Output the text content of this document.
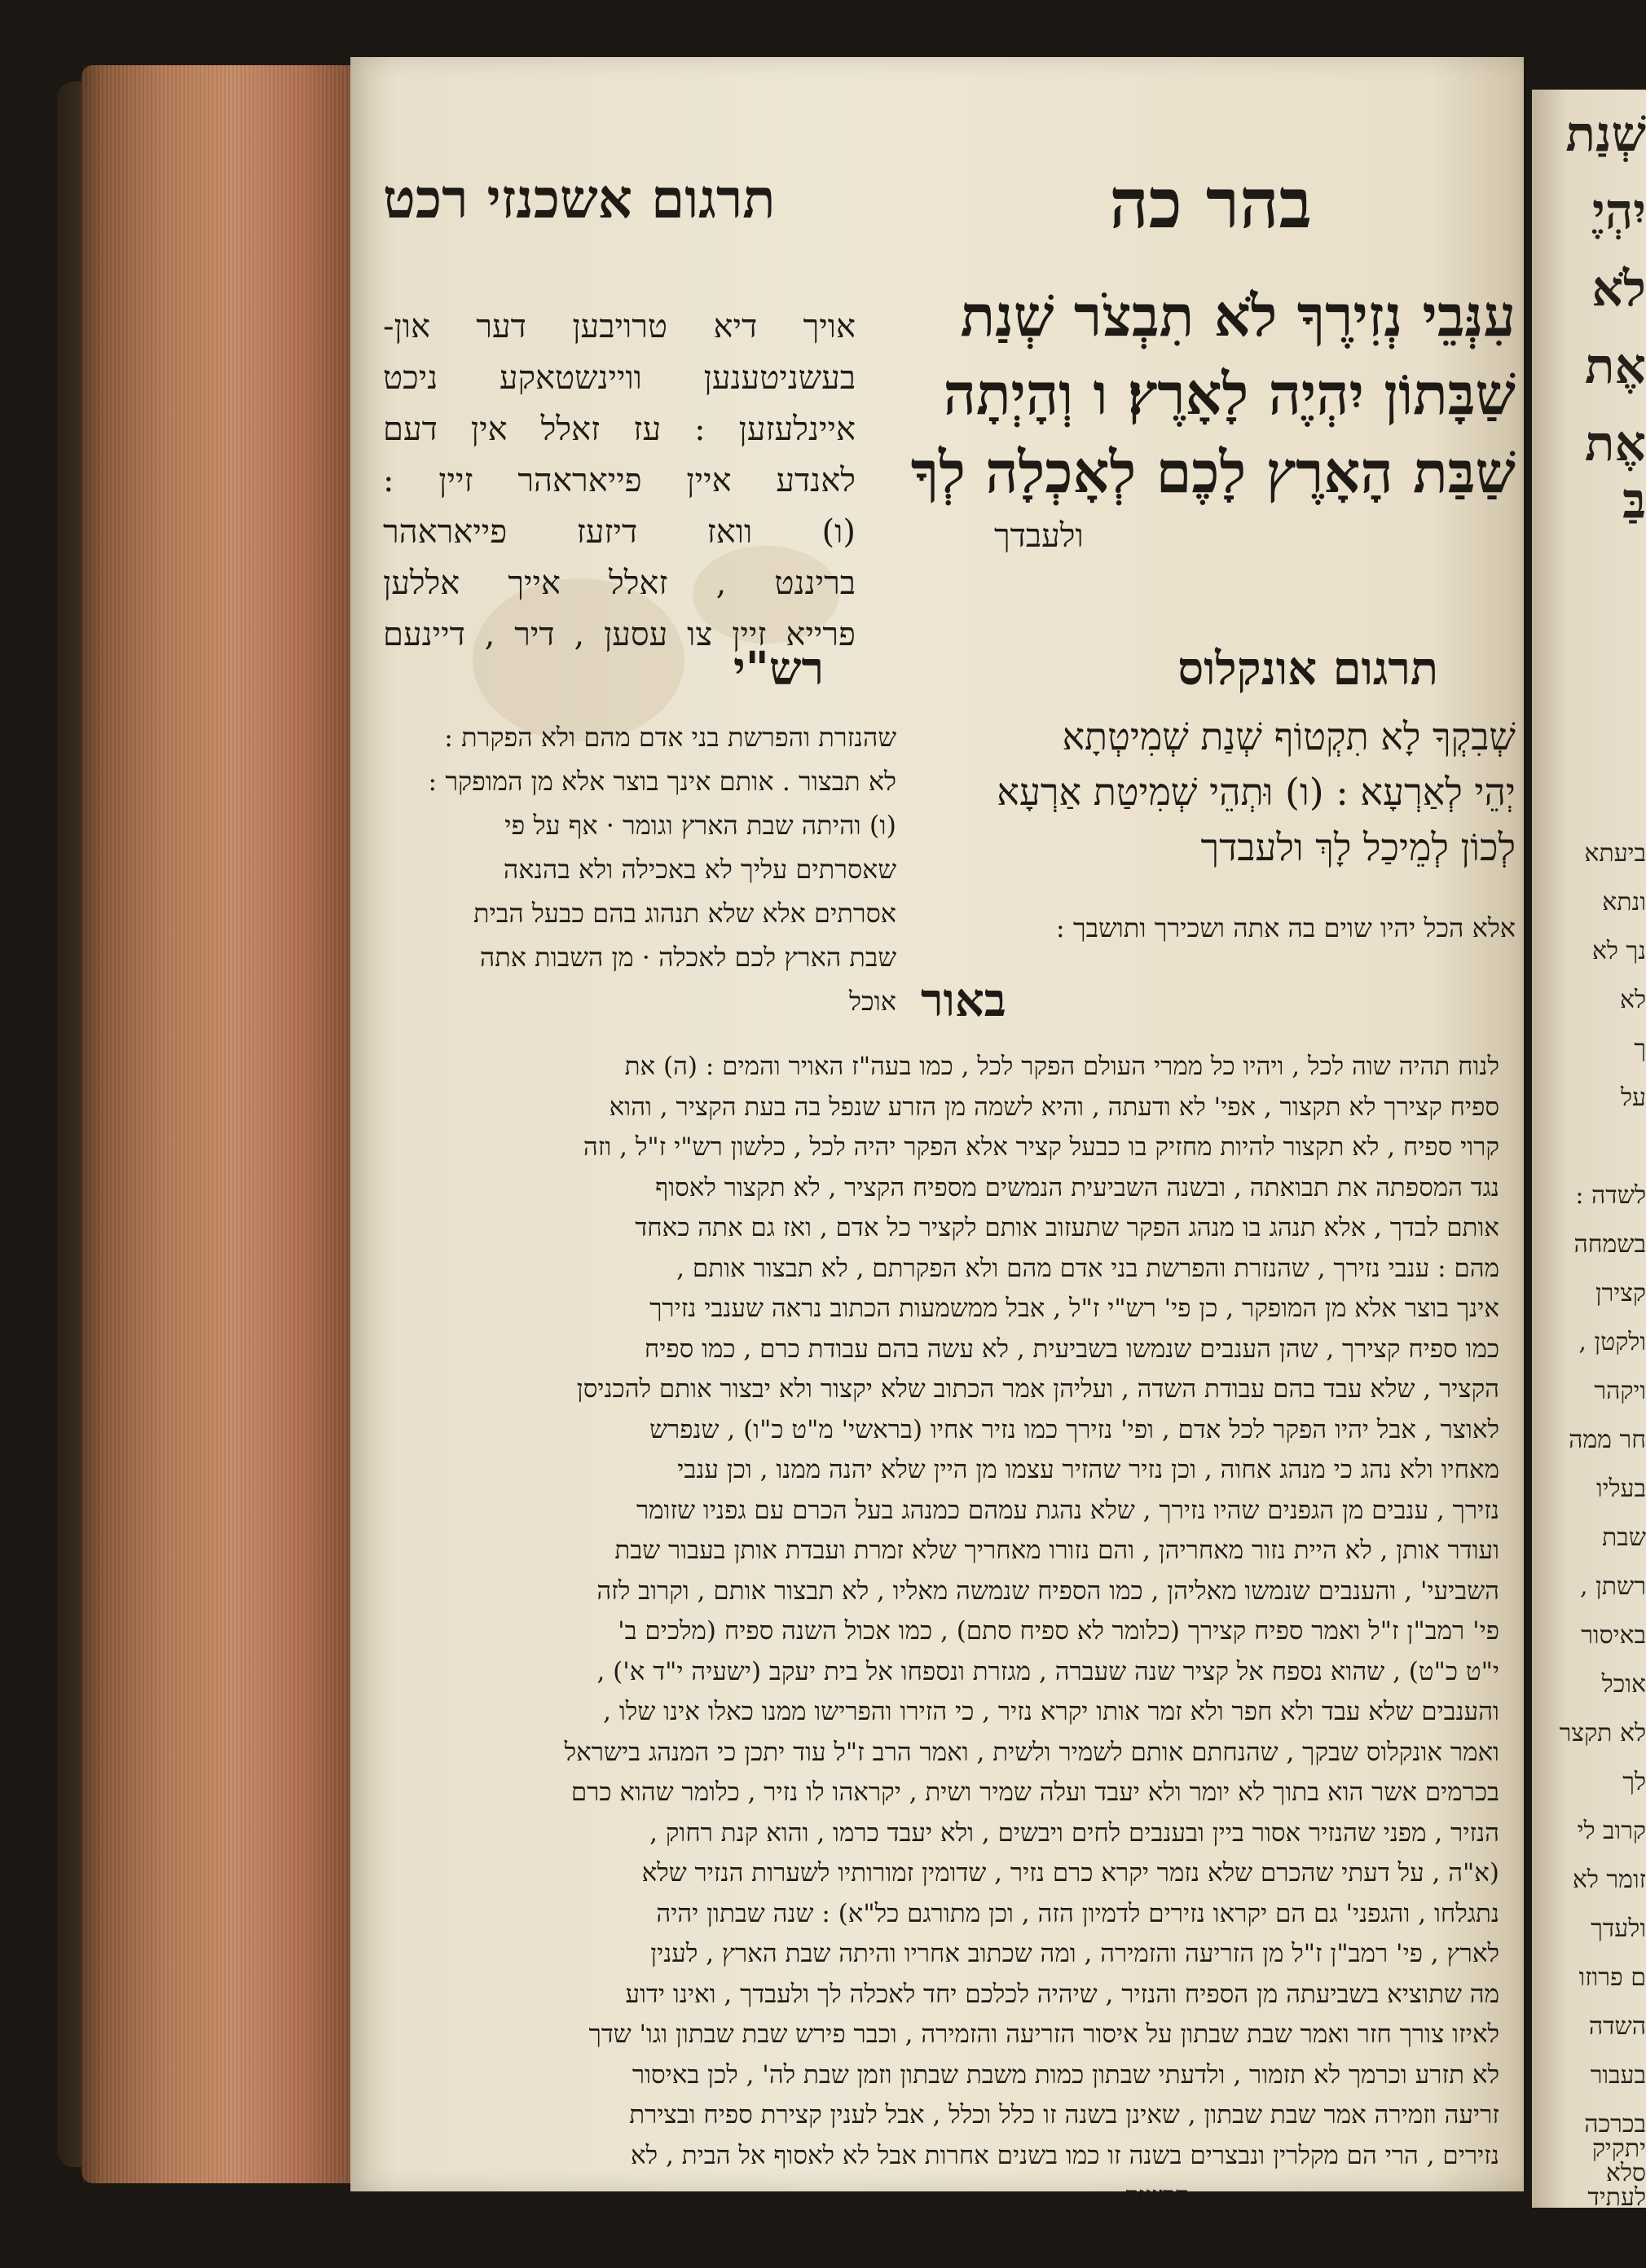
בהר כה
תרגום אשכנזי רכט
עִנְּבֵי נְזִירֶךָ לֹא תִבְצֹר שְׁנַת
שַׁבָּתוֹן יִהְיֶה לָאָרֶץ׃ ו וְהָיְתָה
שַׁבַּת הָאָרֶץ לָכֶם לְאָכְלָה לְךָ
ולעבדך
אויך דיא טרויבען דער און-
בעשניטענען וויינשטאקע ניכט
איינלעזען : עז זאלל אין דעם
לאנדע איין פייאראהר זיין :
(ו) וואז דיזעז פייאראהר
בריננט , זאלל אייך אללען
פרייא זיין צו עסען , דיר , דיינעם
תרגום אונקלוס
רש"י
שְׁבִקְךָ לָא תִקְטוֹף שְׁנַת שְׁמִיטְתָא
יְהֵי לְאַרְעָא : (ו) וּתְהֵי שְׁמִיטַת אַרְעָא
לְכוֹן לְמֵיכַל לָךְ ולעבדך
אלא הכל יהיו שוים בה אתה ושכירך ותושבך :
שהנזרת והפרשת בני אדם מהם ולא הפקרת :
לא תבצור . אותם אינך בוצר אלא מן המופקר :
(ו) והיתה שבת הארץ וגומר · אף על פי
שאסרתים עליך לא באכילה ולא בהנאה
אסרתים אלא שלא תנהוג בהם כבעל הבית
שבת הארץ לכם לאכלה · מן השבות אתה
אוכל באור
לנוח תהיה שוה לכל , ויהיו כל ממרי העולם הפקר לכל , כמו בעה"ז האויר והמים : (ה) את
ספיח קצירך לא תקצור , אפי' לא ודעתה , והיא לשמה מן הזרע שנפל בה בעת הקציר , והוא
קרוי ספיח , לא תקצור להיות מחזיק בו כבעל קציר אלא הפקר יהיה לכל , כלשון רש"י ז"ל , וזה
נגד המספתה את תבואתה , ובשנה השביעית הנמשים מספיח הקציר , לא תקצור לאסוף
אותם לבדך , אלא תנהג בו מנהג הפקר שתעזוב אותם לקציר כל אדם , ואז גם אתה כאחד
מהם : ענבי נזירך , שהנזרת והפרשת בני אדם מהם ולא הפקרתם , לא תבצור אותם ,
אינך בוצר אלא מן המופקר , כן פי' רש"י ז"ל , אבל ממשמעות הכתוב נראה שענבי נזירך
כמו ספיח קצירך , שהן הענבים שנמשו בשביעית , לא עשה בהם עבודת כרם , כמו ספיח
הקציר , שלא עבד בהם עבודת השדה , ועליהן אמר הכתוב שלא יקצור ולא יבצור אותם להכניסן
לאוצר , אבל יהיו הפקר לכל אדם , ופי' נזירך כמו נזיר אחיו (בראשי' מ"ט כ"ו) , שנפרש
מאחיו ולא נהג כי מנהג אחוה , וכן נזיר שהזיר עצמו מן היין שלא יהנה ממנו , וכן ענבי
נזירך , ענבים מן הגפנים שהיו נזירך , שלא נהגת עמהם כמנהג בעל הכרם עם גפניו שזומר
ועודר אותן , לא היית נזור מאחריהן , והם נזורו מאחריך שלא זמרת ועבדת אותן בעבור שבת
השביעי' , והענבים שנמשו מאליהן , כמו הספיח שנמשה מאליו , לא תבצור אותם , וקרוב לזה
פי' רמב"ן ז"ל ואמר ספיח קצירך (כלומר לא ספיח סתם) , כמו אכול השנה ספיח (מלכים ב'
י"ט כ"ט) , שהוא נספח אל קציר שנה שעברה , מגזרת ונספחו אל בית יעקב (ישעיה י"ד א') ,
והענבים שלא עבד ולא חפר ולא זמר אותו יקרא נזיר , כי הזירו והפרישו ממנו כאלו אינו שלו ,
ואמר אונקלוס שבקך , שהנחתם אותם לשמיר ולשית , ואמר הרב ז"ל עוד יתכן כי המנהג בישראל
בכרמים אשר הוא בתוך לא יומר ולא יעבד ועלה שמיר ושית , יקראהו לו נזיר , כלומר שהוא כרם
הנזיר , מפני שהנזיר אסור ביין ובענבים לחים ויבשים , ולא יעבד כרמו , והוא קנת רחוק ,
(א"ה , על דעתי שהכרם שלא נזמר יקרא כרם נזיר , שדומין זמורותיו לשערות הנזיר שלא
נתגלחו , והגפני' גם הם יקראו נזירים לדמיון הזה , וכן מתורגם כל"א) : שנה שבתון יהיה
לארץ , פי' רמב"ן ז"ל מן הזריעה והזמירה , ומה שכתוב אחריו והיתה שבת הארץ , לענין
מה שתוציא בשביעתה מן הספיח והנזיר , שיהיה לכלכם יחד לאכלה לך ולעבדך , ואינו ידוע
לאיזו צורך חזר ואמר שבת שבתון על איסור הזריעה והזמירה , וכבר פירש שבת שבתון וגו' שדך
לא תזרע וכרמך לא תזמור , ולדעתי שבתון כמות משבת שבתון וזמן שבת לה' , לכן באיסור
זריעה וזמירה אמר שבת שבתון , שאינן בשנה זו כלל וכלל , אבל לענין קצירת ספיח ובצירת
נזירים , הרי הם מקלרין ונבצרים בשנה זו כמו בשנים אחרות אבל לא לאסוף אל הבית , לא
הרשות
שְׁנַת
יִהְיֶ
לֹא
אֶת
אֶת
בַּ
ביעתא
ונתא
נך לא
לא
ך
על
לשדה :
בשמחה
קצירן
ולקטן ,
ויקהר
חר ממה
בעליו
שבת
רשתן ,
באיסור
אוכל
לא תקצר
לך
קרוב לי
זומר לא
ולעדך
ם פרוזו
השדה
בעבור
בכרכה
יתקיק
סלא
לעתיד
